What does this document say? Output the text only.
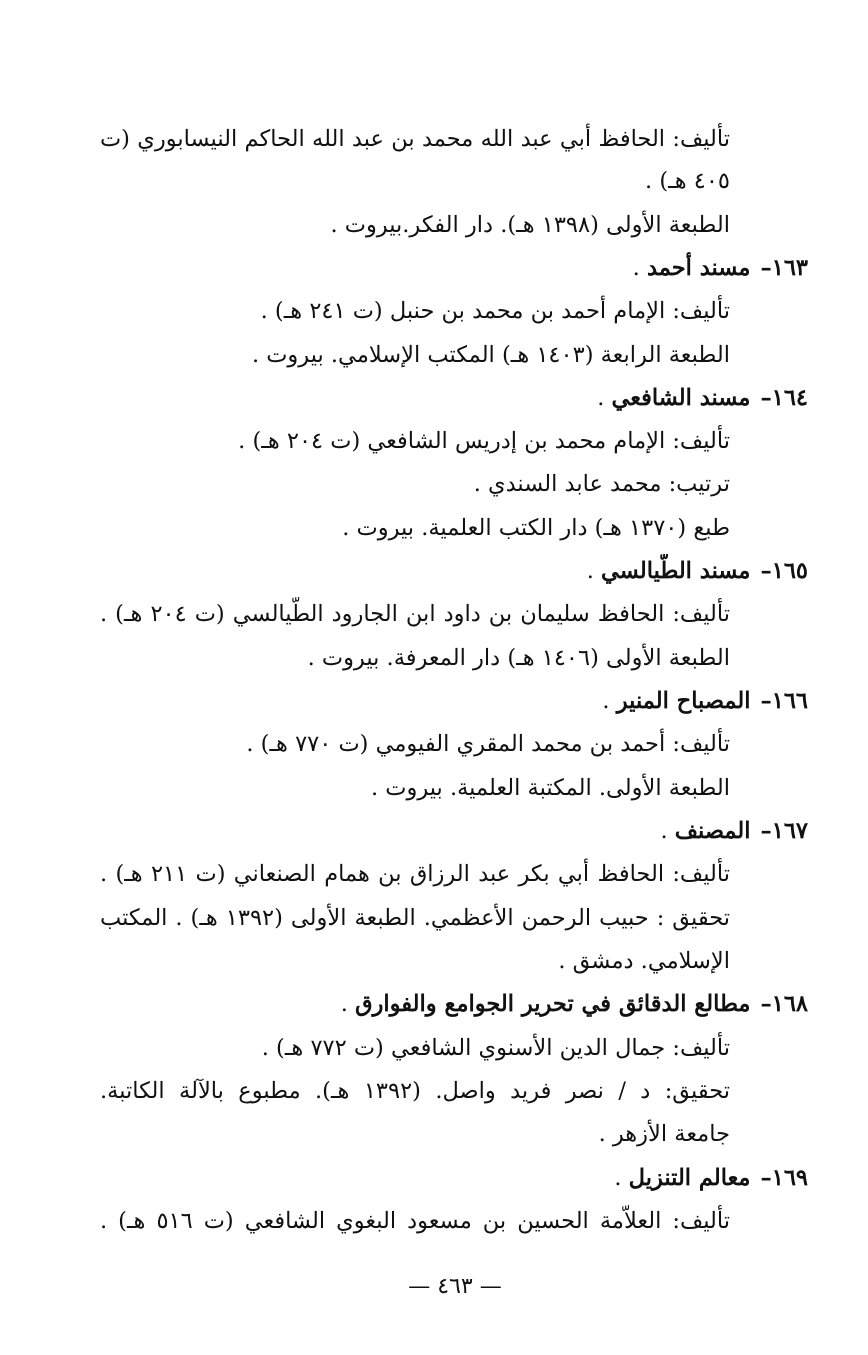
تأليف: الحافظ أبي عبد الله محمد بن عبد الله الحاكم النيسابوري (ت
٤٠٥ هـ) .
الطبعة الأولى (١٣٩٨ هـ). دار الفكر.بيروت .
١٦٣–مسند أحمد .
تأليف: الإمام أحمد بن محمد بن حنبل (ت ٢٤١ هـ) .
الطبعة الرابعة (١٤٠٣ هـ) المكتب الإسلامي. بيروت .
١٦٤–مسند الشافعي .
تأليف: الإمام محمد بن إدريس الشافعي (ت ٢٠٤ هـ) .
ترتيب: محمد عابد السندي .
طبع (١٣٧٠ هـ) دار الكتب العلمية. بيروت .
١٦٥–مسند الطَّيالسي .
تأليف: الحافظ سليمان بن داود ابن الجارود الطَّيالسي (ت ٢٠٤ هـ) .
الطبعة الأولى (١٤٠٦ هـ) دار المعرفة. بيروت .
١٦٦–المصباح المنير .
تأليف: أحمد بن محمد المقري الفيومي (ت ٧٧٠ هـ) .
الطبعة الأولى. المكتبة العلمية. بيروت .
١٦٧–المصنف .
تأليف: الحافظ أبي بكر عبد الرزاق بن همام الصنعاني (ت ٢١١ هـ) .
تحقيق : حبيب الرحمن الأعظمي. الطبعة الأولى (١٣٩٢ هـ) . المكتب
الإسلامي. دمشق .
١٦٨–مطالع الدقائق في تحرير الجوامع والفوارق .
تأليف: جمال الدين الأسنوي الشافعي (ت ٧٧٢ هـ) .
تحقيق: د / نصر فريد واصل. (١٣٩٢ هـ). مطبوع بالآلة الكاتبة.
جامعة الأزهر .
١٦٩–معالم التنزيل .
تأليف: العلاّمة الحسين بن مسعود البغوي الشافعي (ت ٥١٦ هـ) .
— ٤٦٣ —
